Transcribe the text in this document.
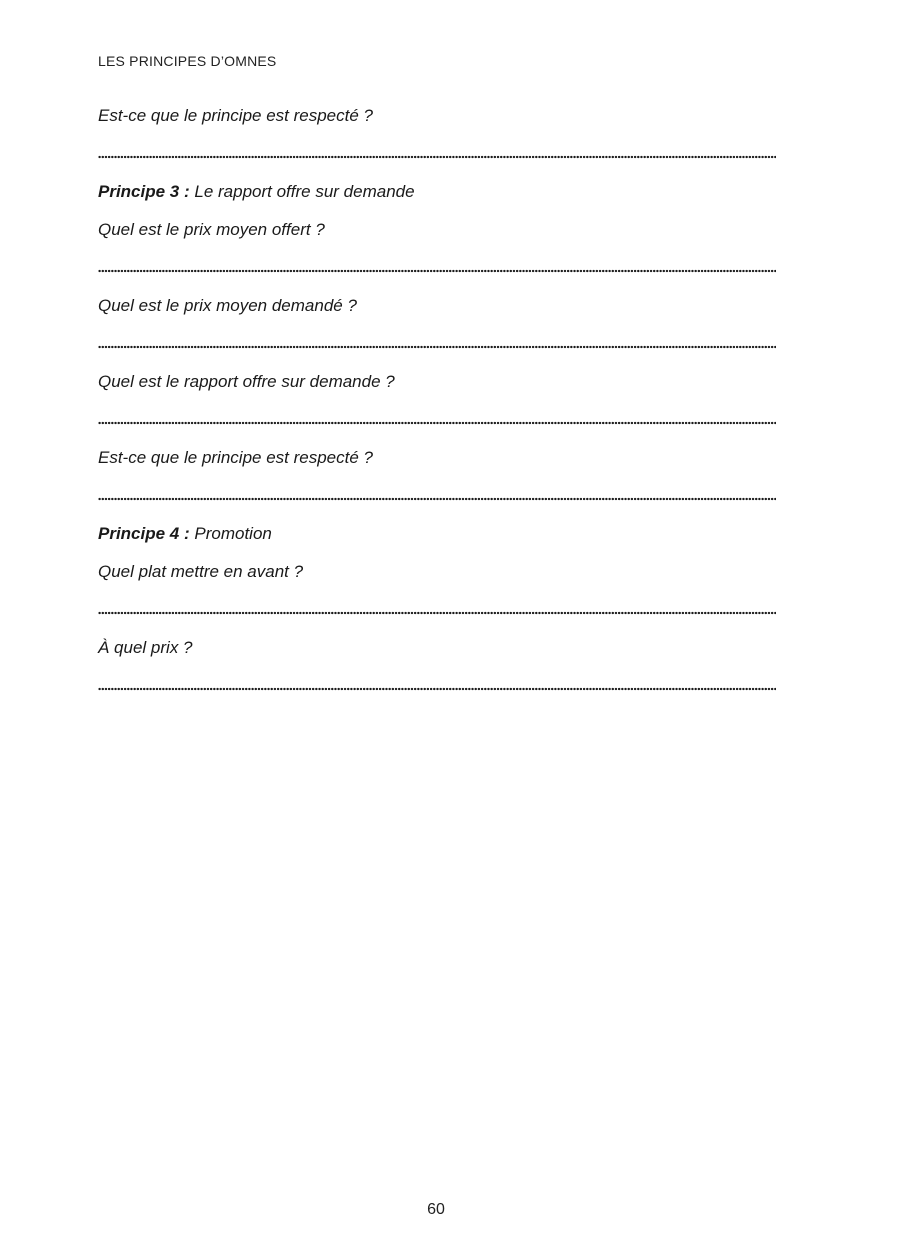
LES PRINCIPES D’OMNES
Est-ce que le principe est respecté ?
Principe 3 : Le rapport offre sur demande
Quel est le prix moyen offert ?
Quel est le prix moyen demandé ?
Quel est le rapport offre sur demande ?
Est-ce que le principe est respecté ?
Principe 4 : Promotion
Quel plat mettre en avant ?
À quel prix ?
60
